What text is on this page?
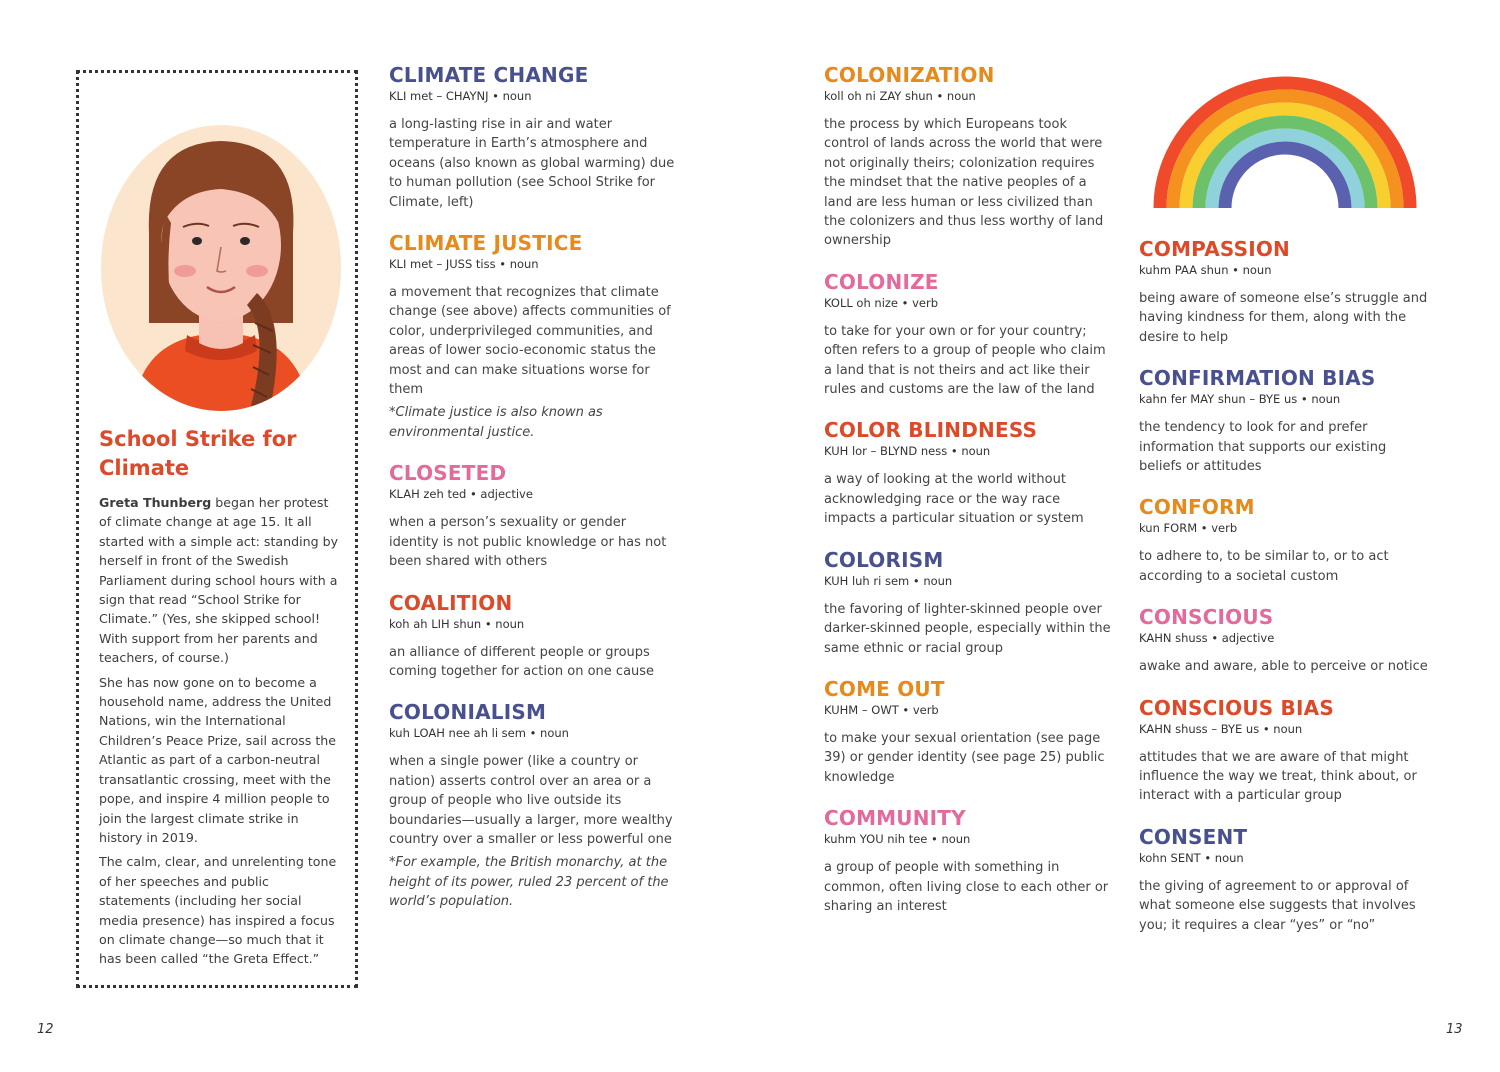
School Strike for Climate

Greta Thunberg began her protest of climate change at age 15. It all started with a simple act: standing by herself in front of the Swedish Parliament during school hours with a sign that read “School Strike for Climate.” (Yes, she skipped school! With support from her parents and teachers, of course.)

She has now gone on to become a household name, address the United Nations, win the International Children’s Peace Prize, sail across the Atlantic as part of a carbon-neutral transatlantic crossing, meet with the pope, and inspire 4 million people to join the largest climate strike in history in 2019.

The calm, clear, and unrelenting tone of her speeches and public statements (including her social media presence) has inspired a focus on climate change—so much that it has been called “the Greta Effect.”

CLIMATE CHANGE
KLI met – CHAYNJ • noun

a long-lasting rise in air and water temperature in Earth’s atmosphere and oceans (also known as global warming) due to human pollution (see School Strike for Climate, left)

CLIMATE JUSTICE
KLI met – JUSS tiss • noun

a movement that recognizes that climate change (see above) affects communities of color, underprivileged communities, and areas of lower socio-economic status the most and can make situations worse for them

*Climate justice is also known as environmental justice.

CLOSETED
KLAH zeh ted • adjective

when a person’s sexuality or gender identity is not public knowledge or has not been shared with others

COALITION
koh ah LIH shun • noun

an alliance of different people or groups coming together for action on one cause

COLONIALISM
kuh LOAH nee ah li sem • noun

when a single power (like a country or nation) asserts control over an area or a group of people who live outside its boundaries—usually a larger, more wealthy country over a smaller or less powerful one

*For example, the British monarchy, at the height of its power, ruled 23 percent of the world’s population.

COLONIZATION
koll oh ni ZAY shun • noun

the process by which Europeans took control of lands across the world that were not originally theirs; colonization requires the mindset that the native peoples of a land are less human or less civilized than the colonizers and thus less worthy of land ownership

COLONIZE
KOLL oh nize • verb

to take for your own or for your country; often refers to a group of people who claim a land that is not theirs and act like their rules and customs are the law of the land

COLOR BLINDNESS
KUH lor – BLYND ness • noun

a way of looking at the world without acknowledging race or the way race impacts a particular situation or system

COLORISM
KUH luh ri sem • noun

the favoring of lighter-skinned people over darker-skinned people, especially within the same ethnic or racial group

COME OUT
KUHM – OWT • verb

to make your sexual orientation (see page 39) or gender identity (see page 25) public knowledge

COMMUNITY
kuhm YOU nih tee • noun

a group of people with something in common, often living close to each other or sharing an interest

COMPASSION
kuhm PAA shun • noun

being aware of someone else’s struggle and having kindness for them, along with the desire to help

CONFIRMATION BIAS
kahn fer MAY shun – BYE us • noun

the tendency to look for and prefer information that supports our existing beliefs or attitudes

CONFORM
kun FORM • verb

to adhere to, to be similar to, or to act according to a societal custom

CONSCIOUS
KAHN shuss • adjective

awake and aware, able to perceive or notice

CONSCIOUS BIAS
KAHN shuss – BYE us • noun

attitudes that we are aware of that might influence the way we treat, think about, or interact with a particular group

CONSENT
kohn SENT • noun

the giving of agreement to or approval of what someone else suggests that involves you; it requires a clear “yes” or “no”

12	13
